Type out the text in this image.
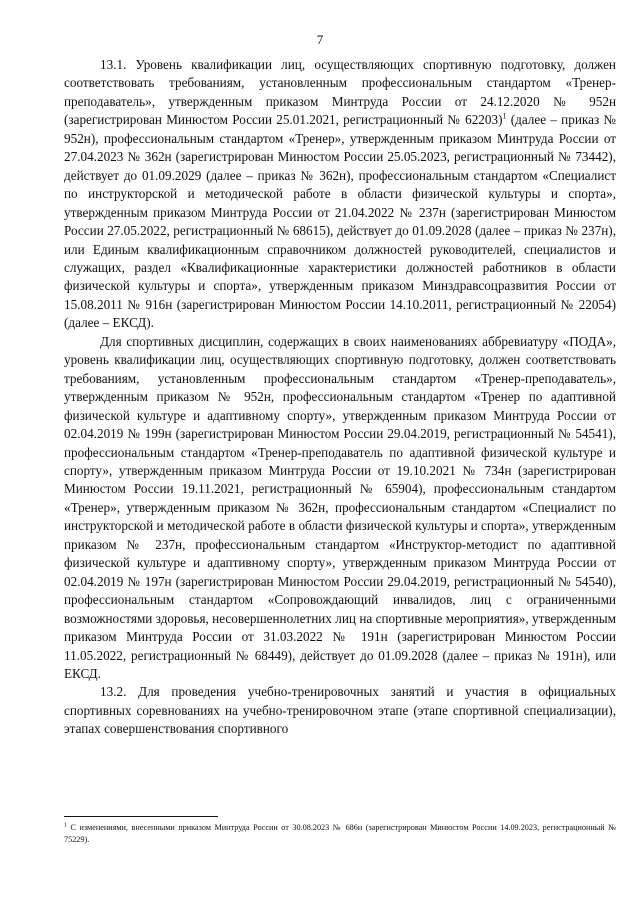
7

13.1. Уровень квалификации лиц, осуществляющих спортивную подготовку, должен соответствовать требованиям, установленным профессиональным стандартом «Тренер-преподаватель», утвержденным приказом Минтруда России от 24.12.2020 № 952н (зарегистрирован Минюстом России 25.01.2021, регистрационный № 62203)$^1$ (далее – приказ № 952н), профессиональным стандартом «Тренер», утвержденным приказом Минтруда России от 27.04.2023 № 362н (зарегистрирован Минюстом России 25.05.2023, регистрационный № 73442), действует до 01.09.2029 (далее – приказ № 362н), профессиональным стандартом «Специалист по инструкторской и методической работе в области физической культуры и спорта», утвержденным приказом Минтруда России от 21.04.2022 № 237н (зарегистрирован Минюстом России 27.05.2022, регистрационный № 68615), действует до 01.09.2028 (далее – приказ № 237н), или Единым квалификационным справочником должностей руководителей, специалистов и служащих, раздел «Квалификационные характеристики должностей работников в области физической культуры и спорта», утвержденным приказом Минздравсоцразвития России от 15.08.2011 № 916н (зарегистрирован Минюстом России 14.10.2011, регистрационный № 22054) (далее – ЕКСД).

Для спортивных дисциплин, содержащих в своих наименованиях аббревиатуру «ПОДА», уровень квалификации лиц, осуществляющих спортивную подготовку, должен соответствовать требованиям, установленным профессиональным стандартом «Тренер-преподаватель», утвержденным приказом № 952н, профессиональным стандартом «Тренер по адаптивной физической культуре и адаптивному спорту», утвержденным приказом Минтруда России от 02.04.2019 № 199н (зарегистрирован Минюстом России 29.04.2019, регистрационный № 54541), профессиональным стандартом «Тренер-преподаватель по адаптивной физической культуре и спорту», утвержденным приказом Минтруда России от 19.10.2021 № 734н (зарегистрирован Минюстом России 19.11.2021, регистрационный № 65904), профессиональным стандартом «Тренер», утвержденным приказом № 362н, профессиональным стандартом «Специалист по инструкторской и методической работе в области физической культуры и спорта», утвержденным приказом № 237н, профессиональным стандартом «Инструктор-методист по адаптивной физической культуре и адаптивному спорту», утвержденным приказом Минтруда России от 02.04.2019 № 197н (зарегистрирован Минюстом России 29.04.2019, регистрационный № 54540), профессиональным стандартом «Сопровождающий инвалидов, лиц с ограниченными возможностями здоровья, несовершеннолетних лиц на спортивные мероприятия», утвержденным приказом Минтруда России от 31.03.2022 № 191н (зарегистрирован Минюстом России 11.05.2022, регистрационный № 68449), действует до 01.09.2028 (далее – приказ № 191н), или ЕКСД.

13.2. Для проведения учебно-тренировочных занятий и участия в официальных спортивных соревнованиях на учебно-тренировочном этапе (этапе спортивной специализации), этапах совершенствования спортивного

$^1$ С изменениями, внесенными приказом Минтруда России от 30.08.2023 № 686н (зарегистрирован Минюстом России 14.09.2023, регистрационный № 75229).
